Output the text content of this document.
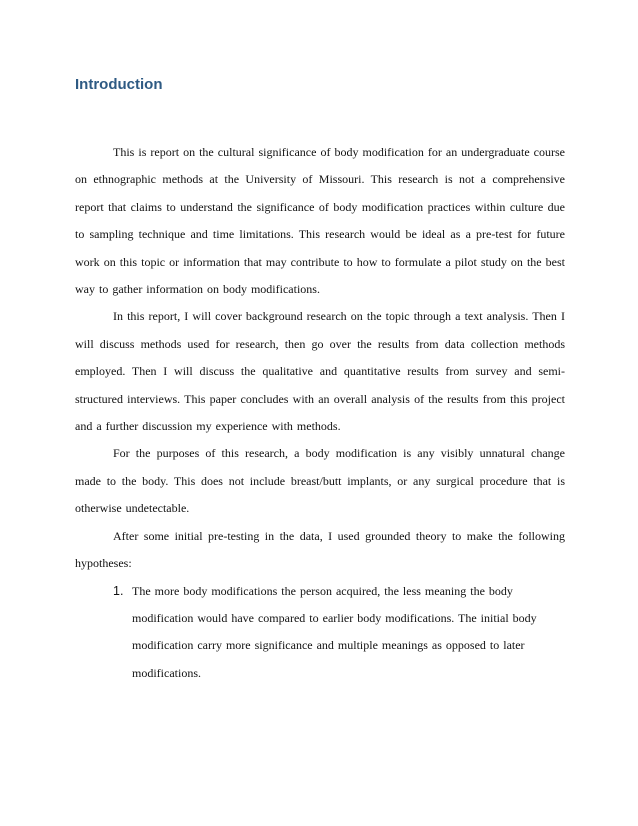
Introduction

This is report on the cultural significance of body modification for an undergraduate course on ethnographic methods at the University of Missouri. This research is not a comprehensive report that claims to understand the significance of body modification practices within culture due to sampling technique and time limitations. This research would be ideal as a pre-test for future work on this topic or information that may contribute to how to formulate a pilot study on the best way to gather information on body modifications.

In this report, I will cover background research on the topic through a text analysis. Then I will discuss methods used for research, then go over the results from data collection methods employed. Then I will discuss the qualitative and quantitative results from survey and semi-structured interviews. This paper concludes with an overall analysis of the results from this project and a further discussion my experience with methods.

For the purposes of this research, a body modification is any visibly unnatural change made to the body. This does not include breast/butt implants, or any surgical procedure that is otherwise undetectable.

After some initial pre-testing in the data, I used grounded theory to make the following hypotheses:

1. The more body modifications the person acquired, the less meaning the body modification would have compared to earlier body modifications. The initial body modification carry more significance and multiple meanings as opposed to later modifications.
